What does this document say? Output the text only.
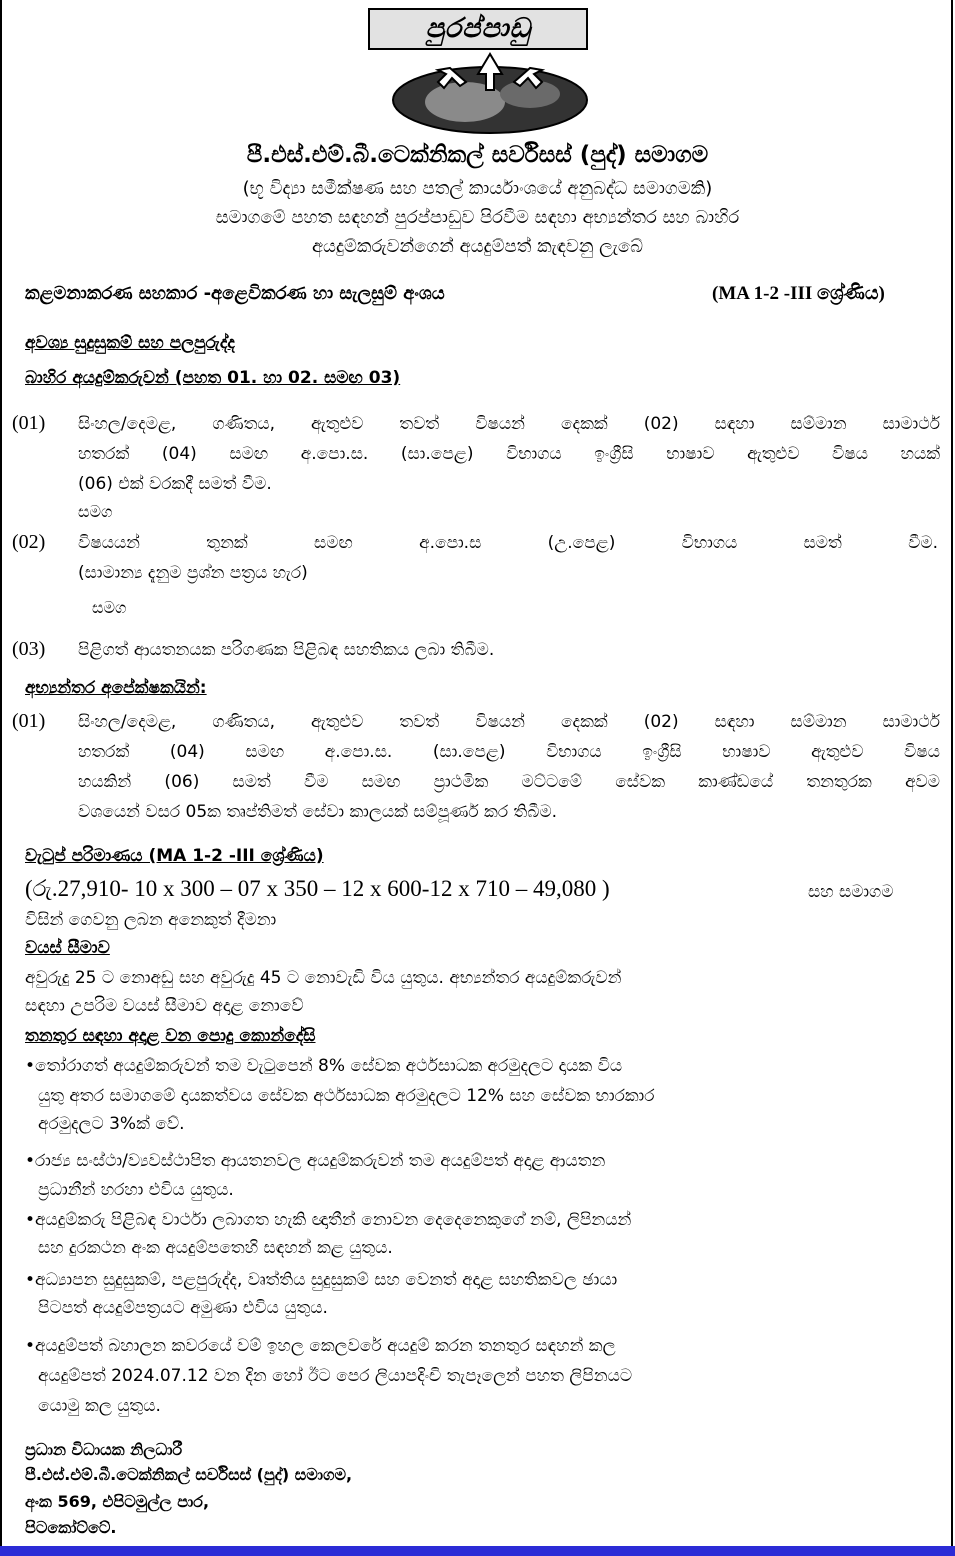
පුරප්පාඩු
පී.එස්.එම්.බී.ටෙක්නිකල් සර්විසස් (පුද්) සමාගම
(භූ විද්‍යා සමීක්ෂණ සහ පතල් කාර්යාංශයේ අනුබද්ධ සමාගමකි)
සමාගමේ පහත සඳහන් පුරප්පාඩුව පිරවීම සඳහා අභ්‍යන්තර සහ බාහිර
අයදුම්කරුවන්ගෙන් අයදුම්පත් කැඳවනු ලැබේ
කළමනාකරණ සහකාර -අළෙවිකරණ හා සැලසුම් අංශය	(MA 1-2 -III ශ්‍රේණිය)
අවශ්‍ය සුදුසුකම් සහ පලපුරුද්ද
බාහිර අයදුම්කරුවන් (පහත 01. හා 02. සමඟ 03)
(01) සිංහල/දෙමළ, ගණිතය, ඇතුළුව තවත් විෂයන් දෙකක් (02) සඳහා සම්මාන සාමාර්ථ
හතරක් (04) සමඟ අ.පො.ස. (සා.පෙළ) විභාගය ඉංග්‍රීසි භාෂාව ඇතුළුව විෂය හයක්
(06) එක් වරකදී සමත් වීම.
සමග
(02) විෂයයන් තුනක් සමඟ අ.පො.ස (උ.පෙළ) විභාගය සමත් වීම.
(සාමාන්‍ය දැනුම ප්‍රශ්න පත්‍රය හැර)
සමග
(03) පිළිගත් ආයතනයක පරිගණක පිළිබඳ සහතිකය ලබා තිබීම.
අභ්‍යන්තර අපේක්ෂකයින්:
(01) සිංහල/දෙමළ, ගණිතය, ඇතුළුව තවත් විෂයන් දෙකක් (02) සඳහා සම්මාන සාමාර්ථ
හතරක් (04) සමඟ අ.පො.ස. (සා.පෙළ) විභාගය ඉංග්‍රීසි භාෂාව ඇතුළුව විෂය
හයකින් (06) සමත් වීම සමඟ ප්‍රාථමික මට්ටමේ සේවක කාණ්ඩයේ තනතුරක අවම
වශයෙන් වසර 05ක තෘප්තිමත් සේවා කාලයක් සම්පූර්ණ කර තිබීම.
වැටුප් පරිමාණය (MA 1-2 -III ශ්‍රේණිය)
(රු.27,910- 10 x 300 – 07 x 350 – 12 x 600-12 x 710 – 49,080 )	සහ සමාගම
විසින් ගෙවනු ලබන අනෙකුත් දීමනා
වයස් සීමාව
අවුරුදු 25 ට නොඅඩු සහ අවුරුදු 45 ට නොවැඩි විය යුතුය. අභ්‍යන්තර අයදුම්කරුවන්
සඳහා උපරිම වයස් සීමාව අදාළ නොවේ
තනතුර සඳහා අදාළ වන පොදු කොන්දේසි
•තෝරාගත් අයදුම්කරුවන් තම වැටුපෙන් 8% සේවක අර්ථසාධක අරමුදලට දායක විය
යුතු අතර සමාගමේ දායකත්වය සේවක අර්ථසාධක අරමුදලට 12% සහ සේවක භාරකාර
අරමුදලට 3%ක් වේ.
•රාජ්‍ය සංස්ථා/ව්‍යවස්ථාපිත ආයතනවල අයදුම්කරුවන් තම අයදුම්පත් අදාළ ආයතන
ප්‍රධානීන් හරහා එවිය යුතුය.
•අයදුම්කරු පිළිබඳ වාර්ථා ලබාගත හැකි ඥාතීන් නොවන දෙදෙනෙකුගේ නම්, ලිපිනයන්
සහ දුරකථන අංක අයදුම්පතෙහි සඳහන් කළ යුතුය.
•අධ්‍යාපන සුදුසුකම්, පළපුරුද්ද, වෘත්තිය සුදුසුකම් සහ වෙනත් අදාළ සහතිකවල ඡායා
පිටපත් අයදුම්පත්‍රයට අමුණා එවිය යුතුය.
•අයදුම්පත් බහාලන කවරයේ වම් ඉහල කෙලවරේ අයදුම් කරන තනතුර සඳහන් කල
අයදුම්පත් 2024.07.12 වන දින හෝ ඊට පෙර ලියාපදිංචි තැපෑලෙන් පහත ලිපිනයට
යොමු කල යුතුය.
ප්‍රධාන විධායක නිලධාරී
පී.එස්.එම්.බී.ටෙක්නිකල් සර්විසස් (පුද්) සමාගම,
අංක 569, එපිටමුල්ල පාර,
පිටකෝට්ටේ.
